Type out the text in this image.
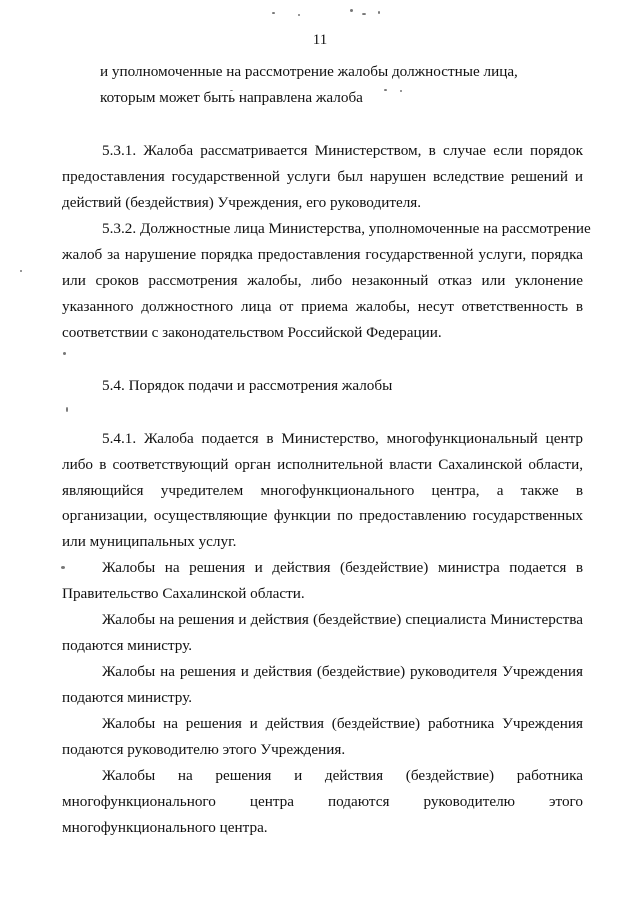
11
и уполномоченные на рассмотрение жалобы должностные лица,
которым может быть направлена жалоба
5.3.1. Жалоба рассматривается Министерством, в случае если порядок
предоставления государственной услуги был нарушен вследствие решений и
действий (бездействия) Учреждения, его руководителя.
5.3.2. Должностные лица Министерства, уполномоченные на рассмотрение
жалоб за нарушение порядка предоставления государственной услуги, порядка
или сроков рассмотрения жалобы, либо незаконный отказ или уклонение
указанного должностного лица от приема жалобы, несут ответственность в
соответствии с законодательством Российской Федерации.
5.4. Порядок подачи и рассмотрения жалобы
5.4.1. Жалоба подается в Министерство, многофункциональный центр
либо в соответствующий орган исполнительной власти Сахалинской области,
являющийся учредителем многофункционального центра, а также в
организации, осуществляющие функции по предоставлению государственных
или муниципальных услуг.
Жалобы на решения и действия (бездействие) министра подается в
Правительство Сахалинской области.
Жалобы на решения и действия (бездействие) специалиста Министерства
подаются министру.
Жалобы на решения и действия (бездействие) руководителя Учреждения
подаются министру.
Жалобы на решения и действия (бездействие) работника Учреждения
подаются руководителю этого Учреждения.
Жалобы на решения и действия (бездействие) работника
многофункционального центра подаются руководителю этого
многофункционального центра.
